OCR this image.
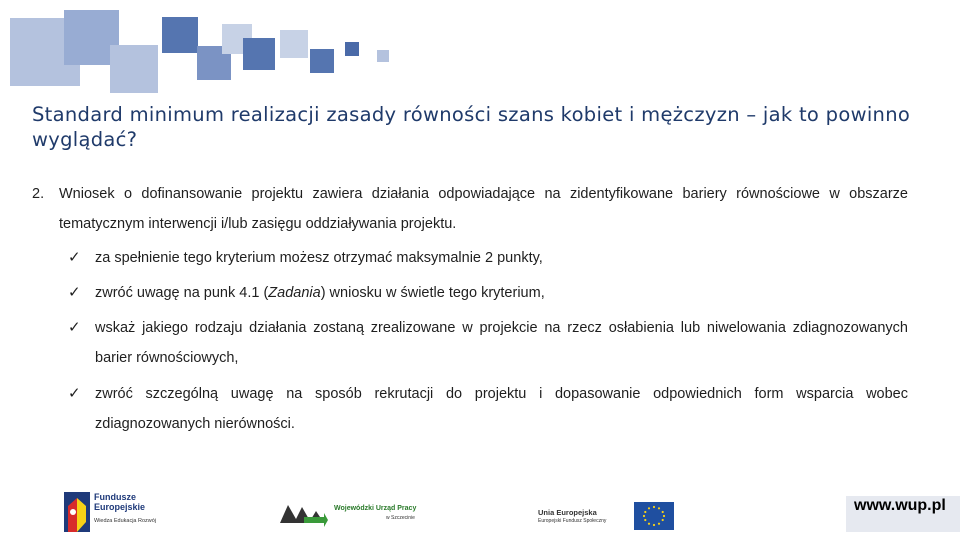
Standard minimum realizacji zasady równości szans kobiet i mężczyzn – jak to powinno wyglądać?
2. Wniosek o dofinansowanie projektu zawiera działania odpowiadające na zidentyfikowane bariery równościowe w obszarze tematycznym interwencji i/lub zasięgu oddziaływania projektu.
✓ za spełnienie tego kryterium możesz otrzymać maksymalnie 2 punkty,
✓ zwróć uwagę na punk 4.1 (Zadania) wniosku w świetle tego kryterium,
✓ wskaż jakiego rodzaju działania zostaną zrealizowane w projekcie na rzecz osłabienia lub niwelowania zdiagnozowanych barier równościowych,
✓ zwróć szczególną uwagę na sposób rekrutacji do projektu i dopasowanie odpowiednich form wsparcia wobec zdiagnozowanych nierówności.
Fundusze
Europejskie
Wiedza Edukacja Rozwój
Wojewódzki Urząd Pracy
w Szczecinie
Unia Europejska
Europejski Fundusz Społeczny
www.wup.pl
